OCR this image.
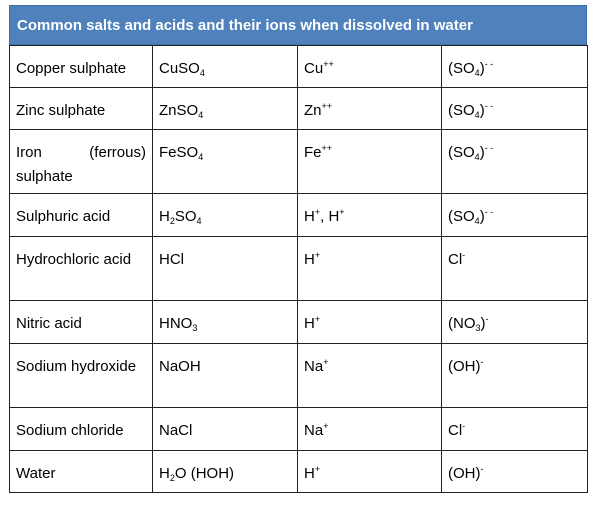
Common salts and acids and their ions when dissolved in water
Copper sulphate	CuSO$_4$	Cu++	$(SO_4)^{- -}$
Zinc sulphate	ZnSO$_4$	Zn++	$(SO_4)^{- -}$
Iron (ferrous) sulphate	FeSO$_4$	Fe++	$(SO_4)^{- -}$
Sulphuric acid	$H_2SO_4$	H+, H+	$(SO_4)^{- -}$
Hydrochloric acid	HCl	H+	Cl-
Nitric acid	$HNO_3$	H+	$(NO_3)^-$
Sodium hydroxide	NaOH	Na+	(OH)-
Sodium chloride	NaCl	Na+	Cl-
Water	$H_2O$ (HOH)	H+	(OH)-
